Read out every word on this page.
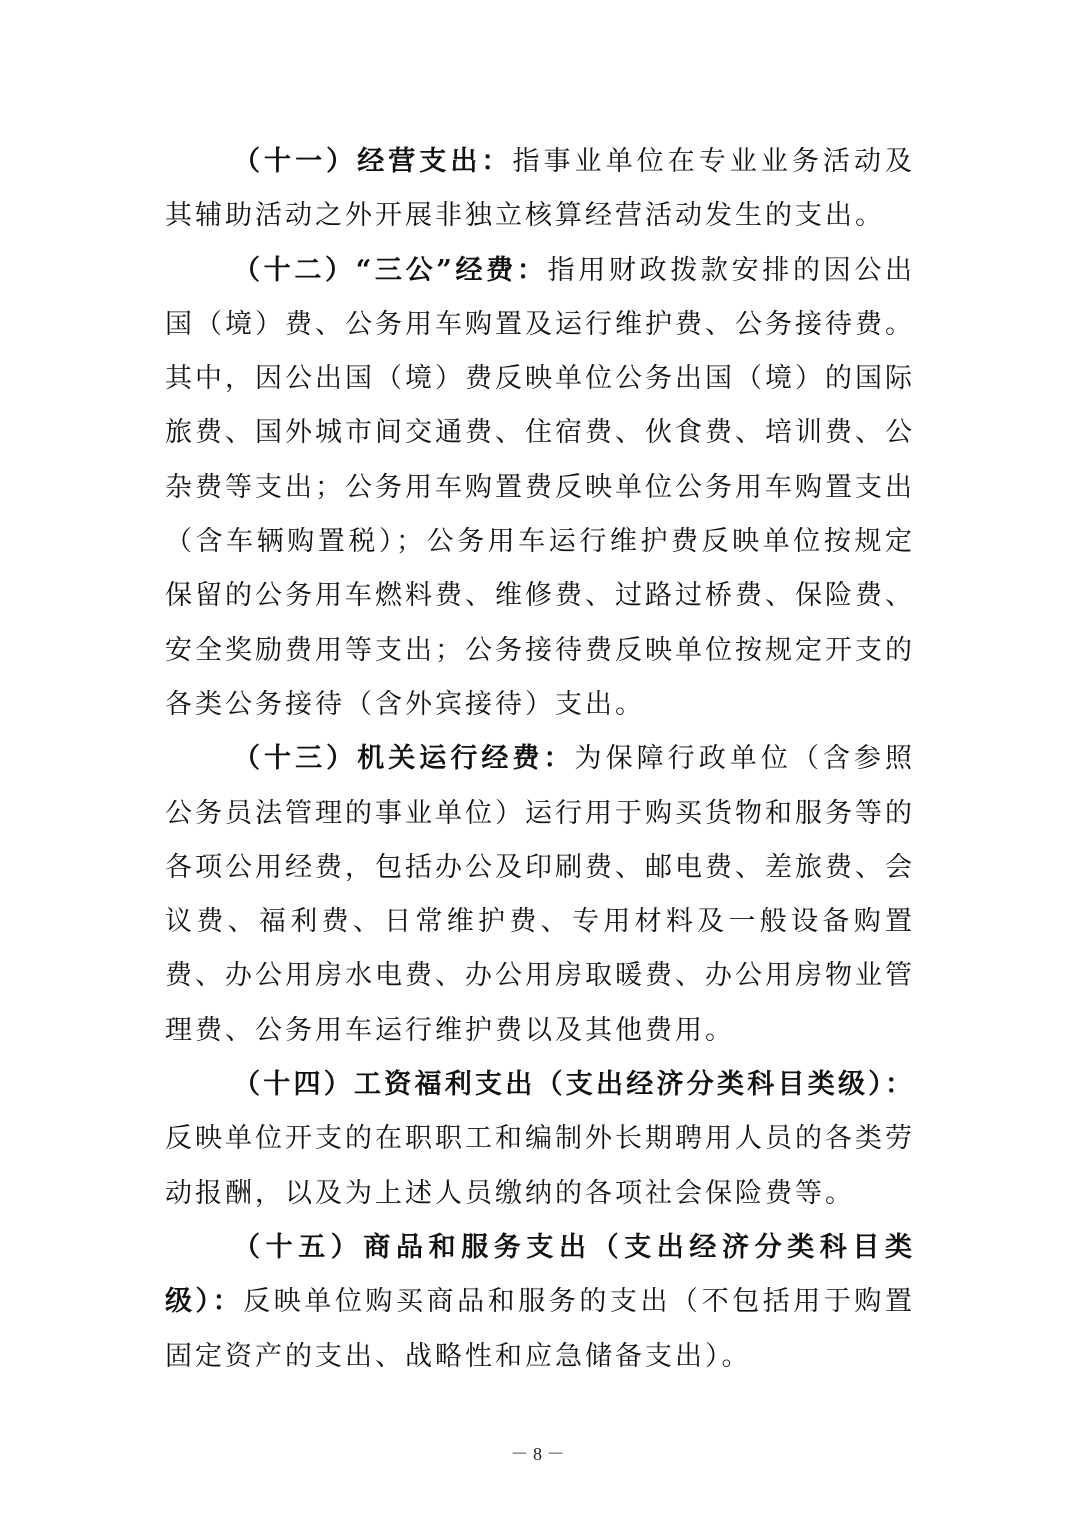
（十一）经营支出：指事业单位在专业业务活动及其辅助活动之外开展非独立核算经营活动发生的支出。

（十二）“三公”经费：指用财政拨款安排的因公出国（境）费、公务用车购置及运行维护费、公务接待费。其中，因公出国（境）费反映单位公务出国（境）的国际旅费、国外城市间交通费、住宿费、伙食费、培训费、公杂费等支出；公务用车购置费反映单位公务用车购置支出（含车辆购置税）；公务用车运行维护费反映单位按规定保留的公务用车燃料费、维修费、过路过桥费、保险费、安全奖励费用等支出；公务接待费反映单位按规定开支的各类公务接待（含外宾接待）支出。

（十三）机关运行经费：为保障行政单位（含参照公务员法管理的事业单位）运行用于购买货物和服务等的各项公用经费，包括办公及印刷费、邮电费、差旅费、会议费、福利费、日常维护费、专用材料及一般设备购置费、办公用房水电费、办公用房取暖费、办公用房物业管理费、公务用车运行维护费以及其他费用。

（十四）工资福利支出（支出经济分类科目类级）：反映单位开支的在职职工和编制外长期聘用人员的各类劳动报酬，以及为上述人员缴纳的各项社会保险费等。

（十五）商品和服务支出（支出经济分类科目类级）：反映单位购买商品和服务的支出（不包括用于购置固定资产的支出、战略性和应急储备支出）。

－ 8 －
